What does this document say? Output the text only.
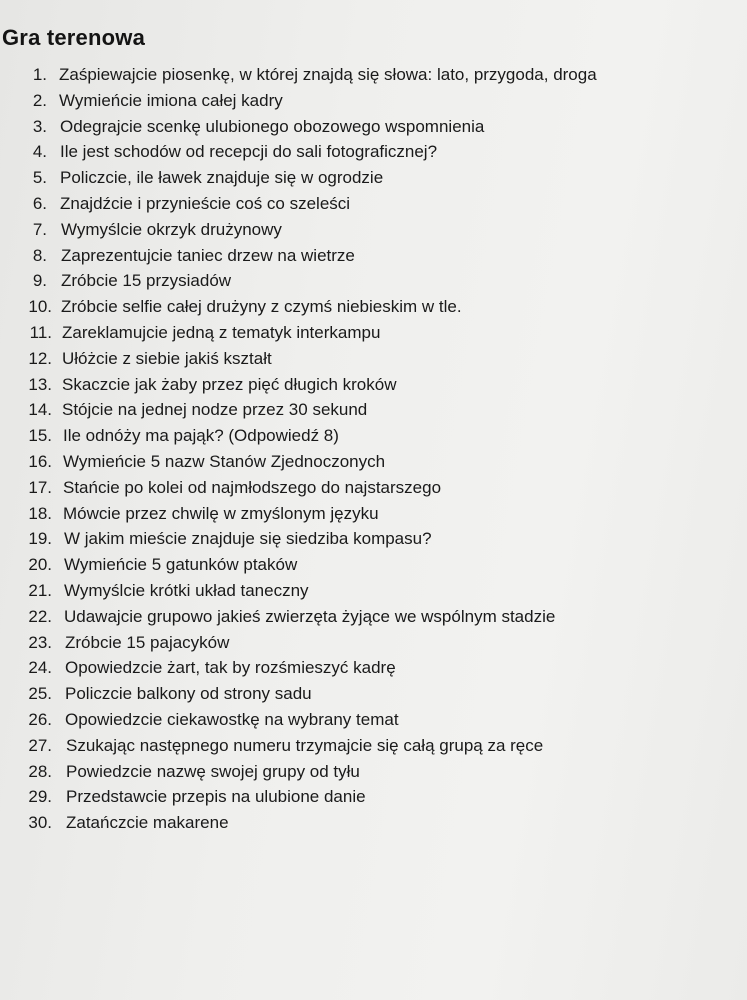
Gra terenowa
1. Zaśpiewajcie piosenkę, w której znajdą się słowa: lato, przygoda, droga
2. Wymieńcie imiona całej kadry
3. Odegrajcie scenkę ulubionego obozowego wspomnienia
4. Ile jest schodów od recepcji do sali fotograficznej?
5. Policzcie, ile ławek znajduje się w ogrodzie
6. Znajdźcie i przynieście coś co szeleści
7. Wymyślcie okrzyk drużynowy
8. Zaprezentujcie taniec drzew na wietrze
9. Zróbcie 15 przysiadów
10. Zróbcie selfie całej drużyny z czymś niebieskim w tle.
11. Zareklamujcie jedną z tematyk interkampu
12. Ułóżcie z siebie jakiś kształt
13. Skaczcie jak żaby przez pięć długich kroków
14. Stójcie na jednej nodze przez 30 sekund
15. Ile odnóży ma pająk? (Odpowiedź 8)
16. Wymieńcie 5 nazw Stanów Zjednoczonych
17. Stańcie po kolei od najmłodszego do najstarszego
18. Mówcie przez chwilę w zmyślonym języku
19. W jakim mieście znajduje się siedziba kompasu?
20. Wymieńcie 5 gatunków ptaków
21. Wymyślcie krótki układ taneczny
22. Udawajcie grupowo jakieś zwierzęta żyjące we wspólnym stadzie
23. Zróbcie 15 pajacyków
24. Opowiedzcie żart, tak by rozśmieszyć kadrę
25. Policzcie balkony od strony sadu
26. Opowiedzcie ciekawostkę na wybrany temat
27. Szukając następnego numeru trzymajcie się całą grupą za ręce
28. Powiedzcie nazwę swojej grupy od tyłu
29. Przedstawcie przepis na ulubione danie
30. Zatańczcie makarene
